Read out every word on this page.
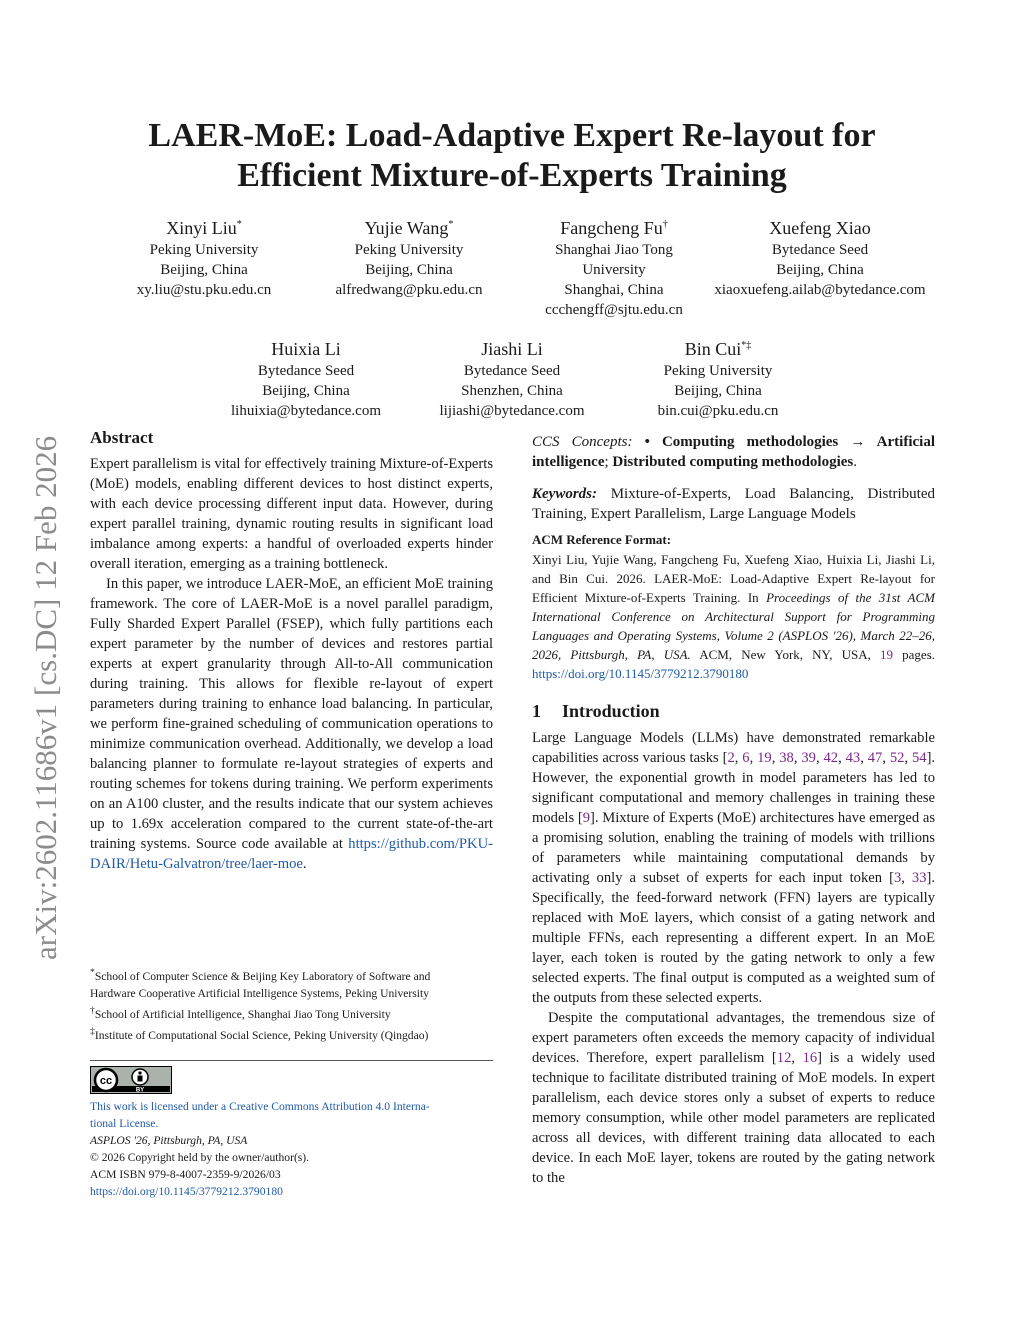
arXiv:2602.11686v1 [cs.DC] 12 Feb 2026
LAER-MoE: Load-Adaptive Expert Re-layout for
Efficient Mixture-of-Experts Training
Xinyi Liu*
Peking University
Beijing, China
xy.liu@stu.pku.edu.cn
Yujie Wang*
Peking University
Beijing, China
alfredwang@pku.edu.cn
Fangcheng Fu†
Shanghai Jiao Tong
University
Shanghai, China
ccchengff@sjtu.edu.cn
Xuefeng Xiao
Bytedance Seed
Beijing, China
xiaoxuefeng.ailab@bytedance.com
Huixia Li
Bytedance Seed
Beijing, China
lihuixia@bytedance.com
Jiashi Li
Bytedance Seed
Shenzhen, China
lijiashi@bytedance.com
Bin Cui*‡
Peking University
Beijing, China
bin.cui@pku.edu.cn
Abstract

Expert parallelism is vital for effectively training Mixture-of-Experts (MoE) models, enabling different devices to host distinct experts, with each device processing different input data. However, during expert parallel training, dynamic routing results in significant load imbalance among experts: a handful of overloaded experts hinder overall iteration, emerging as a training bottleneck.

In this paper, we introduce LAER-MoE, an efficient MoE training framework. The core of LAER-MoE is a novel parallel paradigm, Fully Sharded Expert Parallel (FSEP), which fully partitions each expert parameter by the number of devices and restores partial experts at expert granularity through All-to-All communication during training. This allows for flexible re-layout of expert parameters during training to enhance load balancing. In particular, we perform fine-grained scheduling of communication operations to minimize communication overhead. Additionally, we develop a load balancing planner to formulate re-layout strategies of experts and routing schemes for tokens during training. We perform experiments on an A100 cluster, and the results indicate that our system achieves up to 1.69x acceleration compared to the current state-of-the-art training systems. Source code available at https://github.com/PKU-DAIR/Hetu-Galvatron/tree/laer-moe.

*School of Computer Science & Beijing Key Laboratory of Software and
Hardware Cooperative Artificial Intelligence Systems, Peking University
†School of Artificial Intelligence, Shanghai Jiao Tong University
‡Institute of Computational Social Science, Peking University (Qingdao)
cc
BY
This work is licensed under a Creative Commons Attribution 4.0 Interna-
tional License.
ASPLOS '26, Pittsburgh, PA, USA
© 2026 Copyright held by the owner/author(s).
ACM ISBN 979-8-4007-2359-9/2026/03
https://doi.org/10.1145/3779212.3790180

CCS Concepts: • Computing methodologies → Artificial intelligence; Distributed computing methodologies.

Keywords: Mixture-of-Experts, Load Balancing, Distributed Training, Expert Parallelism, Large Language Models

ACM Reference Format:

Xinyi Liu, Yujie Wang, Fangcheng Fu, Xuefeng Xiao, Huixia Li, Jiashi Li, and Bin Cui. 2026. LAER-MoE: Load-Adaptive Expert Re-layout for Efficient Mixture-of-Experts Training. In Proceedings of the 31st ACM International Conference on Architectural Support for Programming Languages and Operating Systems, Volume 2 (ASPLOS '26), March 22–26, 2026, Pittsburgh, PA, USA. ACM, New York, NY, USA, 19 pages. https://doi.org/10.1145/3779212.3790180

1 Introduction

Large Language Models (LLMs) have demonstrated remarkable capabilities across various tasks [2, 6, 19, 38, 39, 42, 43, 47, 52, 54]. However, the exponential growth in model parameters has led to significant computational and memory challenges in training these models [9]. Mixture of Experts (MoE) architectures have emerged as a promising solution, enabling the training of models with trillions of parameters while maintaining computational demands by activating only a subset of experts for each input token [3, 33]. Specifically, the feed-forward network (FFN) layers are typically replaced with MoE layers, which consist of a gating network and multiple FFNs, each representing a different expert. In an MoE layer, each token is routed by the gating network to only a few selected experts. The final output is computed as a weighted sum of the outputs from these selected experts.

Despite the computational advantages, the tremendous size of expert parameters often exceeds the memory capacity of individual devices. Therefore, expert parallelism [12, 16] is a widely used technique to facilitate distributed training of MoE models. In expert parallelism, each device stores only a subset of experts to reduce memory consumption, while other model parameters are replicated across all devices, with different training data allocated to each device. In each MoE layer, tokens are routed by the gating network to the
